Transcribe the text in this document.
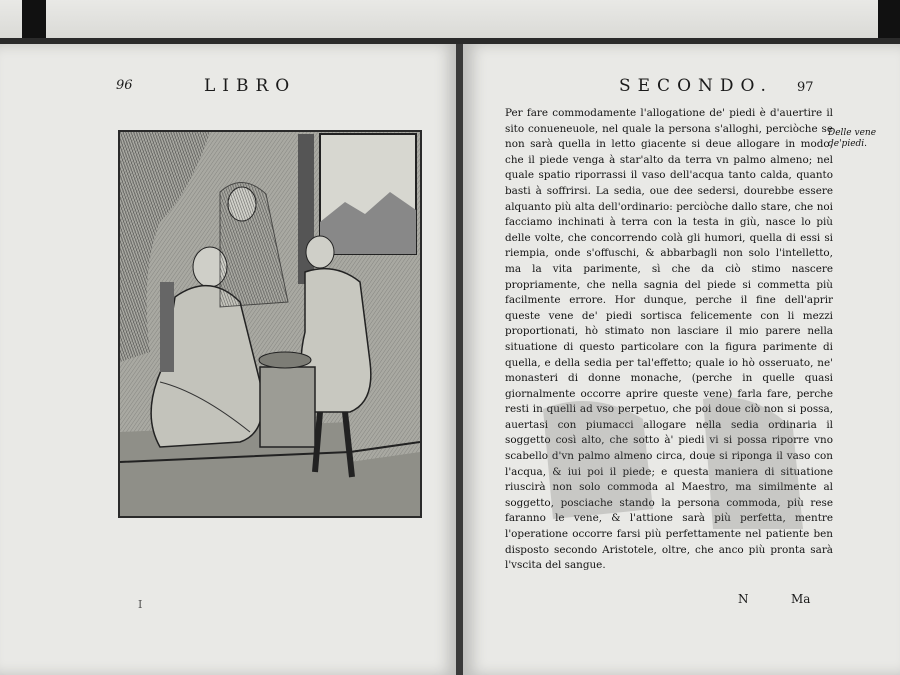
96	LIBRO
I
SECONDO. 97

Per fare commodamente l'allogatione de' piedi è d'auertire il sito conueneuole, nel quale la persona s'alloghi, perciòche se non sarà quella in letto giacente si deue allogare in modo, che il piede venga à star'alto da terra vn palmo almeno; nel quale spatio riporrassi il vaso dell'acqua tanto calda, quanto basti à soffrirsi. La sedia, oue dee sedersi, dourebbe essere alquanto più alta dell'ordinario: perciòche dallo stare, che noi facciamo inchinati à terra con la testa in giù, nasce lo più delle volte, che concorrendo colà gli humori, quella di essi si riempia, onde s'offuschi, & abbarbagli non solo l'intelletto, ma la vita parimente, sì che da ciò stimo nascere propriamente, che nella sagnia del piede si commetta più facilmente errore. Hor dunque, perche il fine dell'aprir queste vene de' piedi sortisca felicemente con li mezzi proportionati, hò stimato non lasciare il mio parere nella situatione di questo particolare con la figura parimente di quella, e della sedia per tal'effetto; quale io hò osseruato, ne' monasteri di donne monache, (perche in quelle quasi giornalmente occorre aprire queste vene) farla fare, perche resti in quelli ad vso perpetuo, che poi doue ciò non si possa, auertasi con piumacci allogare nella sedia ordinaria il soggetto così alto, che sotto à' piedi vi si possa riporre vno scabello d'vn palmo almeno circa, doue si riponga il vaso con l'acqua, & iui poi il piede; e questa maniera di situatione riuscirà non solo commoda al Maestro, ma similmente al soggetto, posciache stando la persona commoda, più rese faranno le vene, & l'attione sarà più perfetta, mentre l'operatione occorre farsi più perfettamente nel patiente ben disposto secondo Aristotele, oltre, che anco più pronta sarà l'vscita del sangue.

Delle vene de'piedi.
N	Ma
